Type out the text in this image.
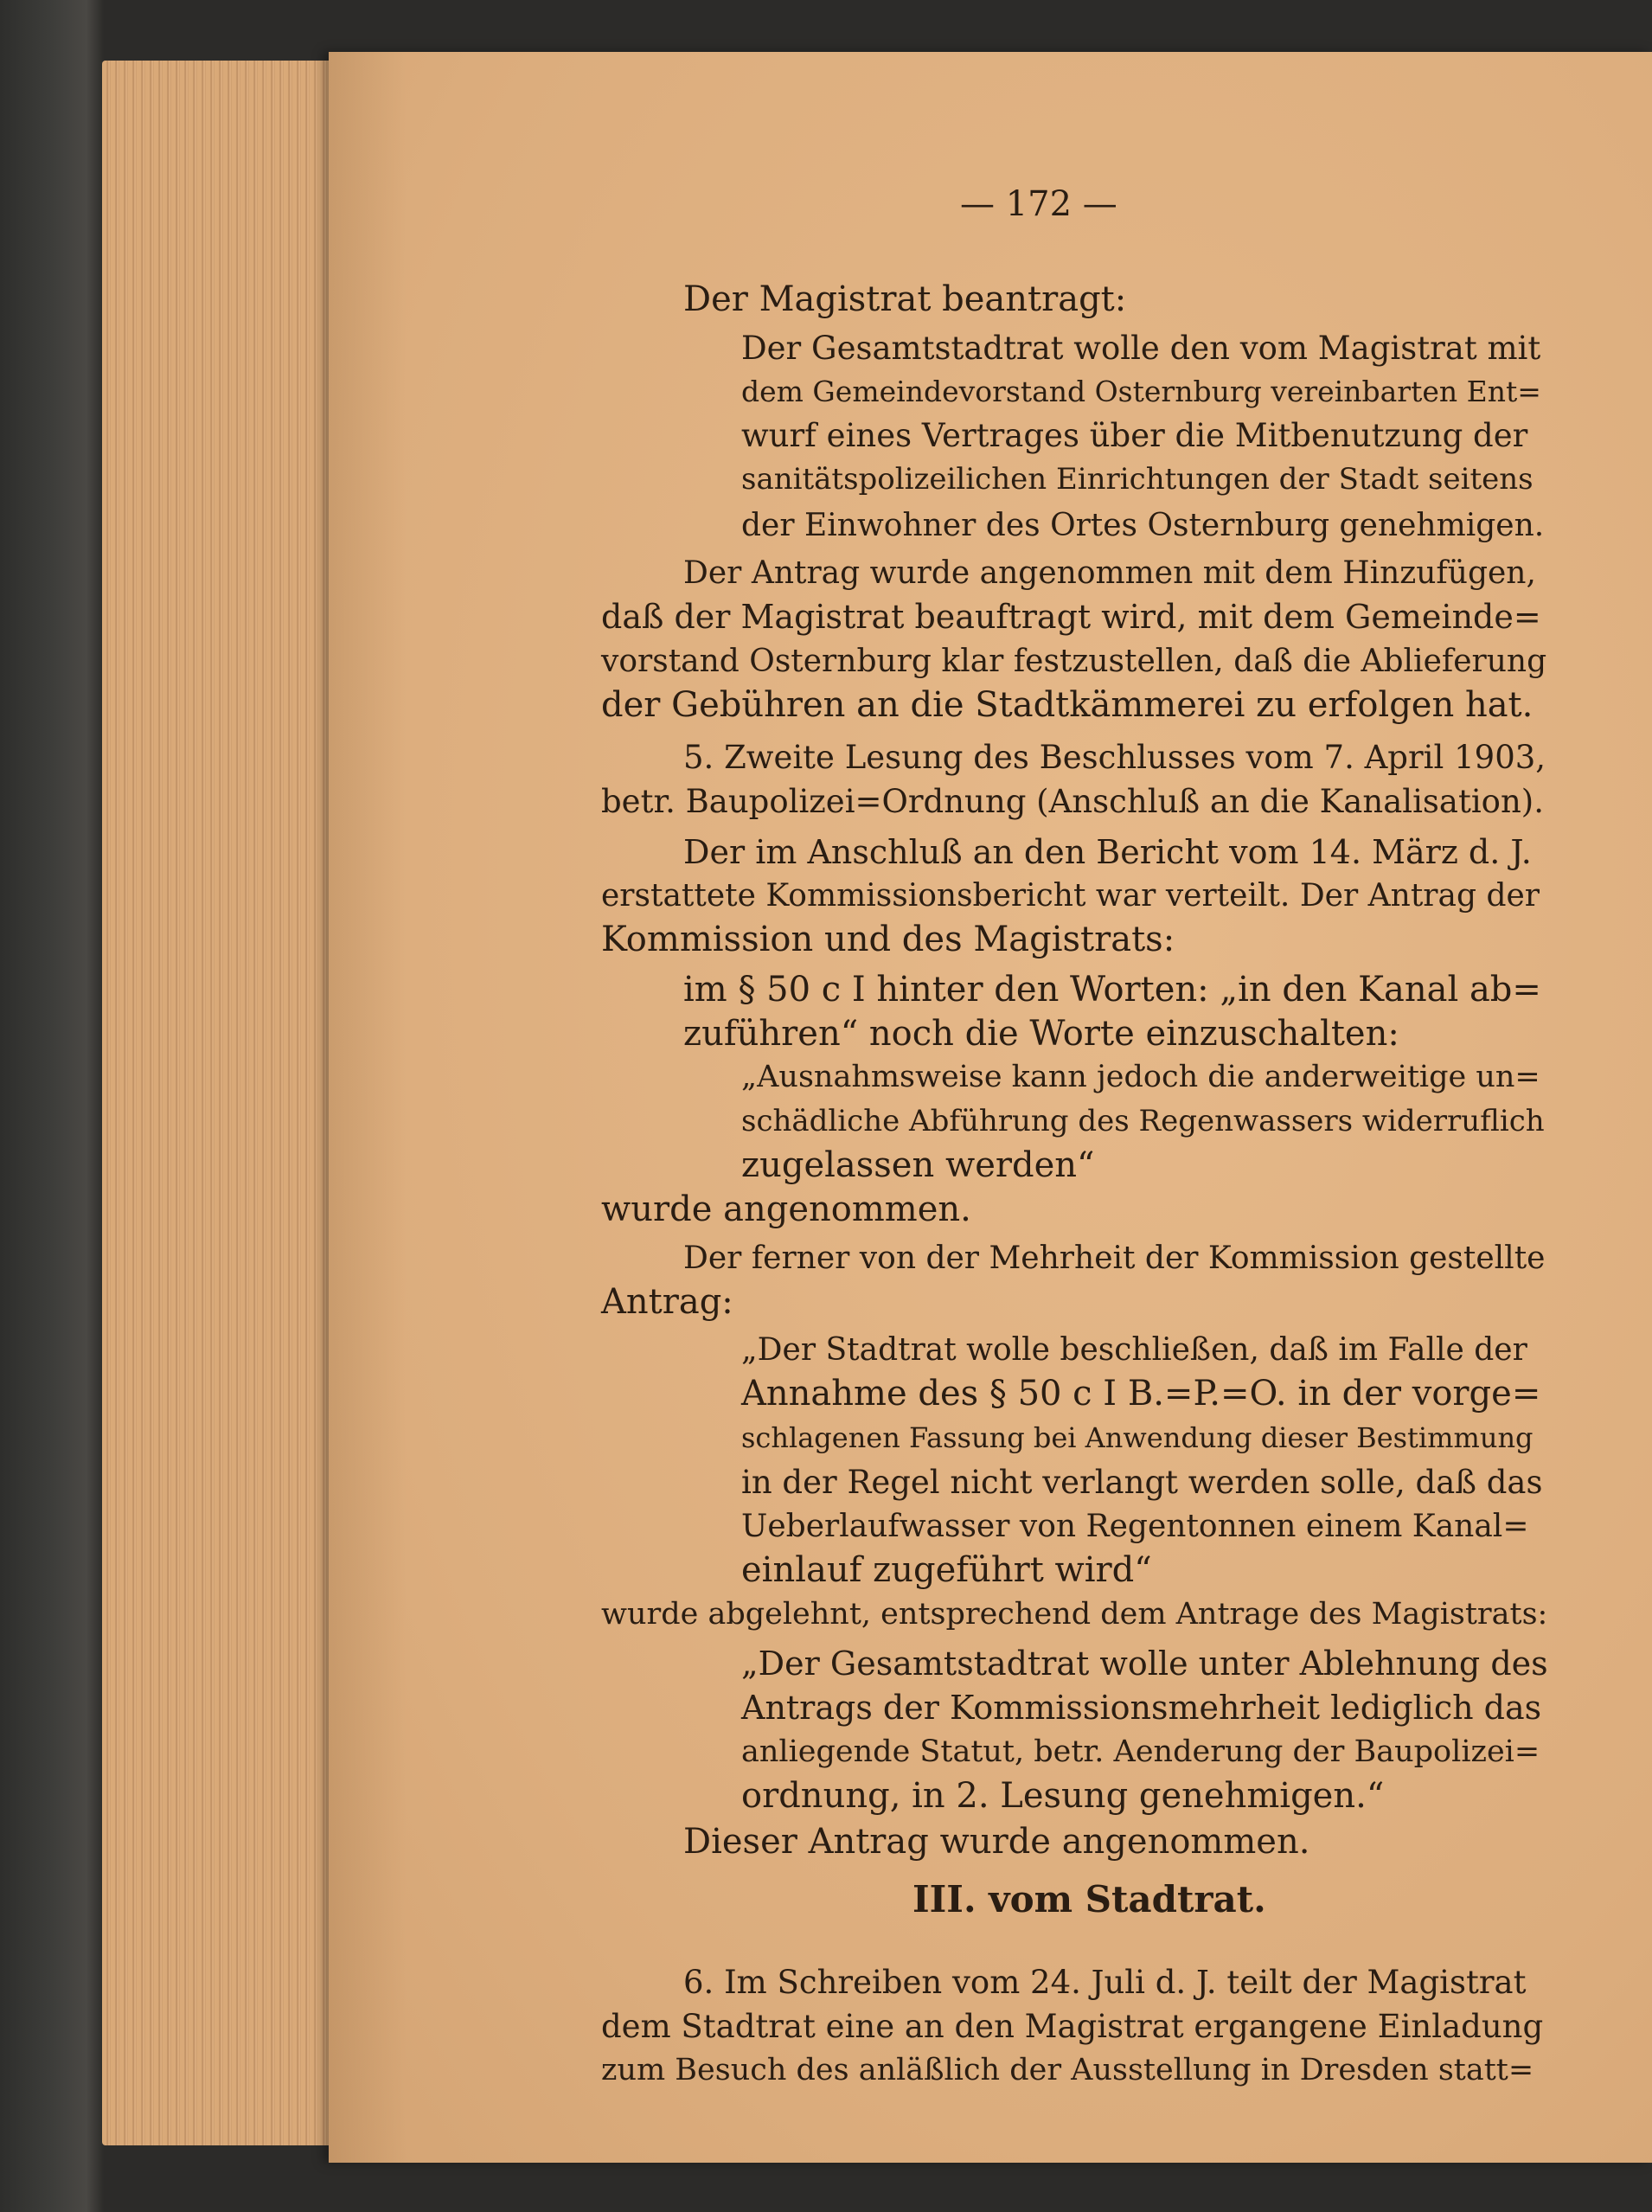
— 172 —
Der Magistrat beantragt:
Der Gesamtstadtrat wolle den vom Magistrat mit
dem Gemeindevorstand Osternburg vereinbarten Ent=
wurf eines Vertrages über die Mitbenutzung der
sanitätspolizeilichen Einrichtungen der Stadt seitens
der Einwohner des Ortes Osternburg genehmigen.
Der Antrag wurde angenommen mit dem Hinzufügen,
daß der Magistrat beauftragt wird, mit dem Gemeinde=
vorstand Osternburg klar festzustellen, daß die Ablieferung
der Gebühren an die Stadtkämmerei zu erfolgen hat.
5. Zweite Lesung des Beschlusses vom 7. April 1903,
betr. Baupolizei=Ordnung (Anschluß an die Kanalisation).
Der im Anschluß an den Bericht vom 14. März d. J.
erstattete Kommissionsbericht war verteilt. Der Antrag der
Kommission und des Magistrats:
im § 50 c I hinter den Worten: „in den Kanal ab=
zuführen“ noch die Worte einzuschalten:
„Ausnahmsweise kann jedoch die anderweitige un=
schädliche Abführung des Regenwassers widerruflich
zugelassen werden“
wurde angenommen.
Der ferner von der Mehrheit der Kommission gestellte
Antrag:
„Der Stadtrat wolle beschließen, daß im Falle der
Annahme des § 50 c I B.=P.=O. in der vorge=
schlagenen Fassung bei Anwendung dieser Bestimmung
in der Regel nicht verlangt werden solle, daß das
Ueberlaufwasser von Regentonnen einem Kanal=
einlauf zugeführt wird“
wurde abgelehnt, entsprechend dem Antrage des Magistrats:
„Der Gesamtstadtrat wolle unter Ablehnung des
Antrags der Kommissionsmehrheit lediglich das
anliegende Statut, betr. Aenderung der Baupolizei=
ordnung, in 2. Lesung genehmigen.“
Dieser Antrag wurde angenommen.
6. Im Schreiben vom 24. Juli d. J. teilt der Magistrat
dem Stadtrat eine an den Magistrat ergangene Einladung
zum Besuch des anläßlich der Ausstellung in Dresden statt=
III. vom Stadtrat.
